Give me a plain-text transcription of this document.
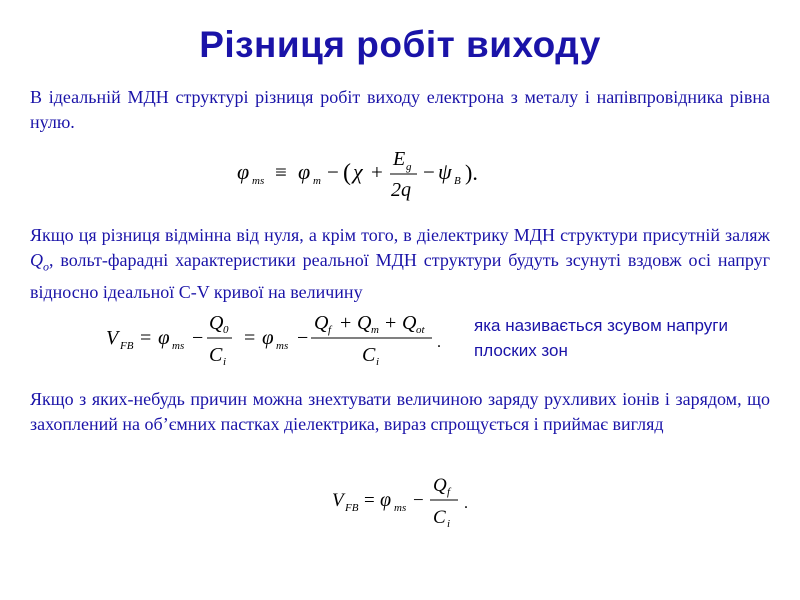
Різниця робіт виходу
В ідеальній МДН структурі різниця робіт виходу електрона з металу і напівпровідника рівна нулю.
φ ms ≡ φ m − ( χ +
E g
2q
− ψ B ).
Якщо ця різниця відмінна від нуля, а крім того, в діелектрику МДН структури присутній заляж $Q_o$, вольт-фарадні характеристики реальної МДН структури будуть зсунуті вздовж осі напруг відносно ідеальної C-V кривої на величину
V FB = φ ms −
Q 0
C i
= φ ms −
Q f + Q m + Q ot
C i
.
яка називається зсувом напруги плоских зон
Якщо з яких-небудь причин можна знехтувати величиною заряду рухливих іонів і зарядом, що захоплений на об’ємних пастках діелектрика, вираз спрощується і приймає вигляд
V FB = φ ms −
Q f
C i
.
